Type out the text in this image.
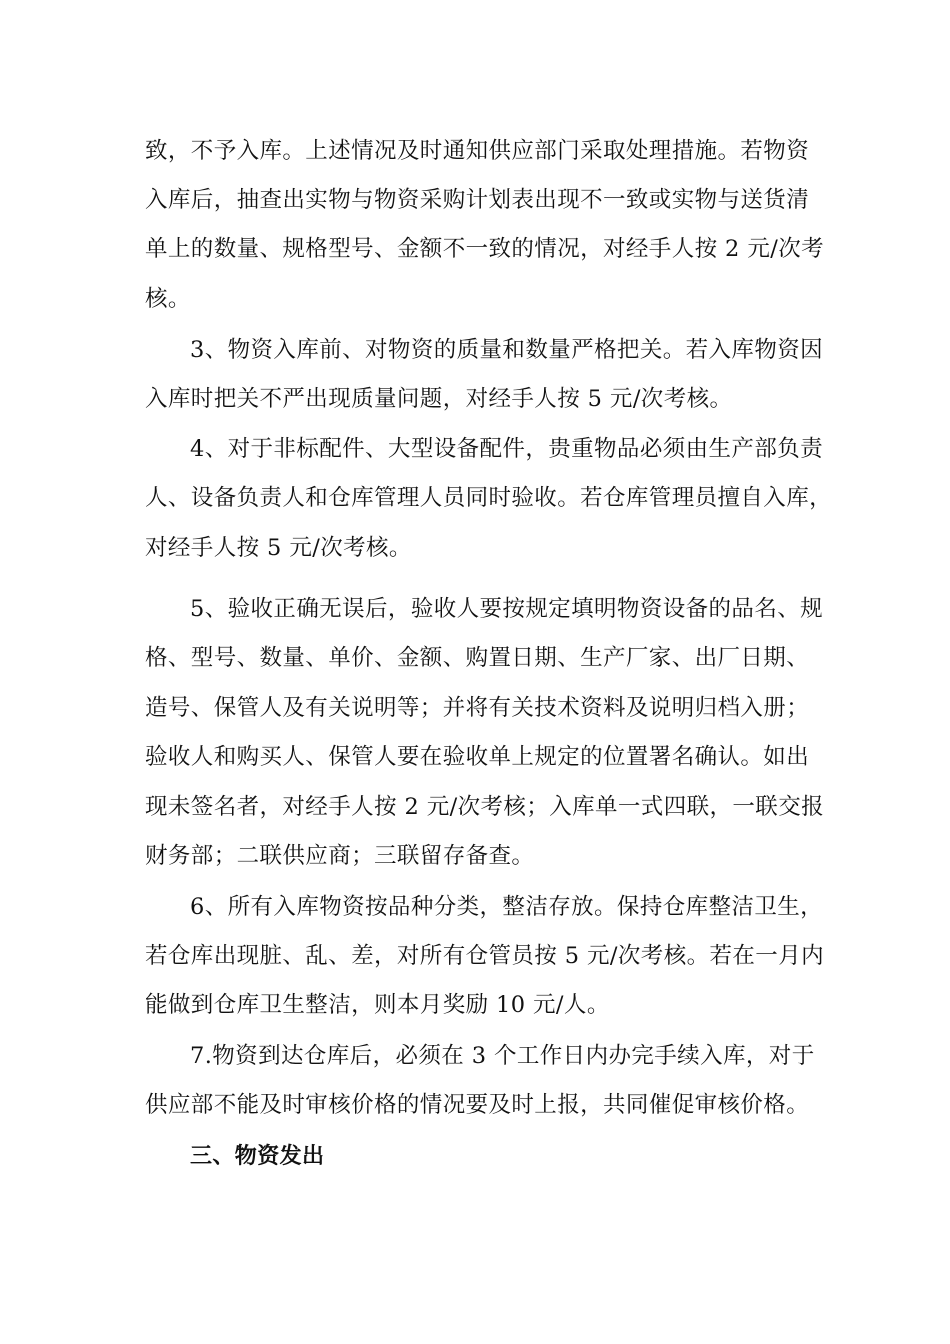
致，不予入库。上述情况及时通知供应部门采取处理措施。若物资
入库后，抽查出实物与物资采购计划表出现不一致或实物与送货清
单上的数量、规格型号、金额不一致的情况，对经手人按 2 元/次考
核。
3、物资入库前、对物资的质量和数量严格把关。若入库物资因
入库时把关不严出现质量问题，对经手人按 5 元/次考核。
4、对于非标配件、大型设备配件，贵重物品必须由生产部负责
人、设备负责人和仓库管理人员同时验收。若仓库管理员擅自入库，
对经手人按 5 元/次考核。
5、验收正确无误后，验收人要按规定填明物资设备的品名、规
格、型号、数量、单价、金额、购置日期、生产厂家、出厂日期、
造号、保管人及有关说明等；并将有关技术资料及说明归档入册；
验收人和购买人、保管人要在验收单上规定的位置署名确认。如出
现未签名者，对经手人按 2 元/次考核；入库单一式四联，一联交报
财务部；二联供应商；三联留存备查。
6、所有入库物资按品种分类，整洁存放。保持仓库整洁卫生，
若仓库出现脏、乱、差，对所有仓管员按 5 元/次考核。若在一月内
能做到仓库卫生整洁，则本月奖励 10 元/人。
7.物资到达仓库后，必须在 3 个工作日内办完手续入库，对于
供应部不能及时审核价格的情况要及时上报，共同催促审核价格。
三、物资发出
